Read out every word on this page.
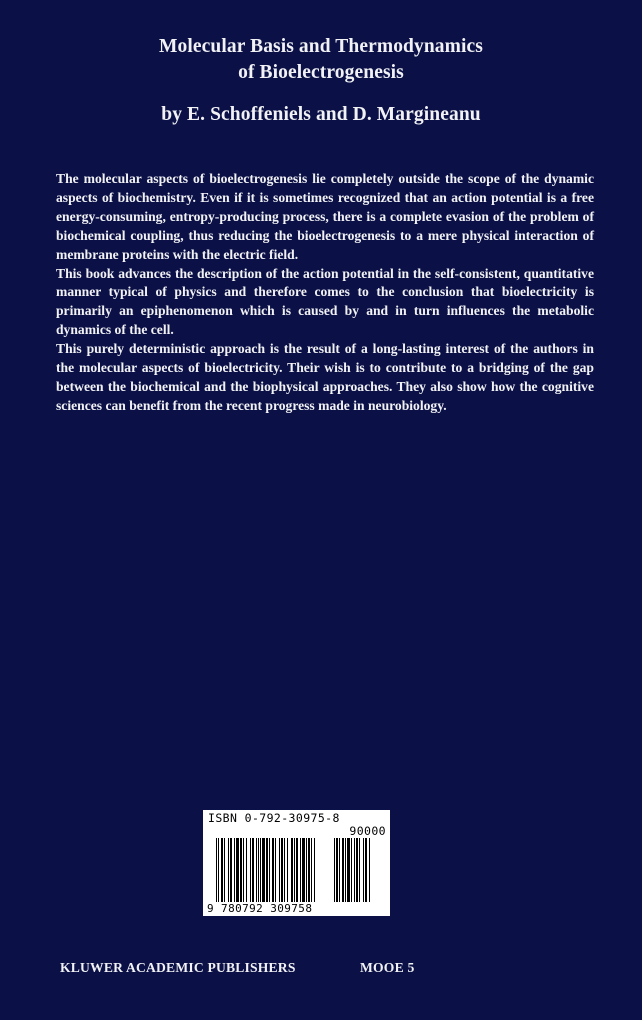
Molecular Basis and Thermodynamics
of Bioelectrogenesis
by E. Schoffeniels and D. Margineanu

The molecular aspects of bioelectrogenesis lie completely outside the scope of the dynamic aspects of biochemistry. Even if it is sometimes recognized that an action potential is a free energy-consuming, entropy-producing process, there is a complete evasion of the problem of biochemical coupling, thus reducing the bioelectrogenesis to a mere physical interaction of membrane proteins with the electric field.

This book advances the description of the action potential in the self-consistent, quantitative manner typical of physics and therefore comes to the conclusion that bioelectricity is primarily an epiphenomenon which is caused by and in turn influences the metabolic dynamics of the cell.

This purely deterministic approach is the result of a long-lasting interest of the authors in the molecular aspects of bioelectricity. Their wish is to contribute to a bridging of the gap between the biochemical and the biophysical approaches. They also show how the cognitive sciences can benefit from the recent progress made in neurobiology.

ISBN 0-792-30975-8
90000
9 780792 309758
KLUWER ACADEMIC PUBLISHERS	MOOE 5
